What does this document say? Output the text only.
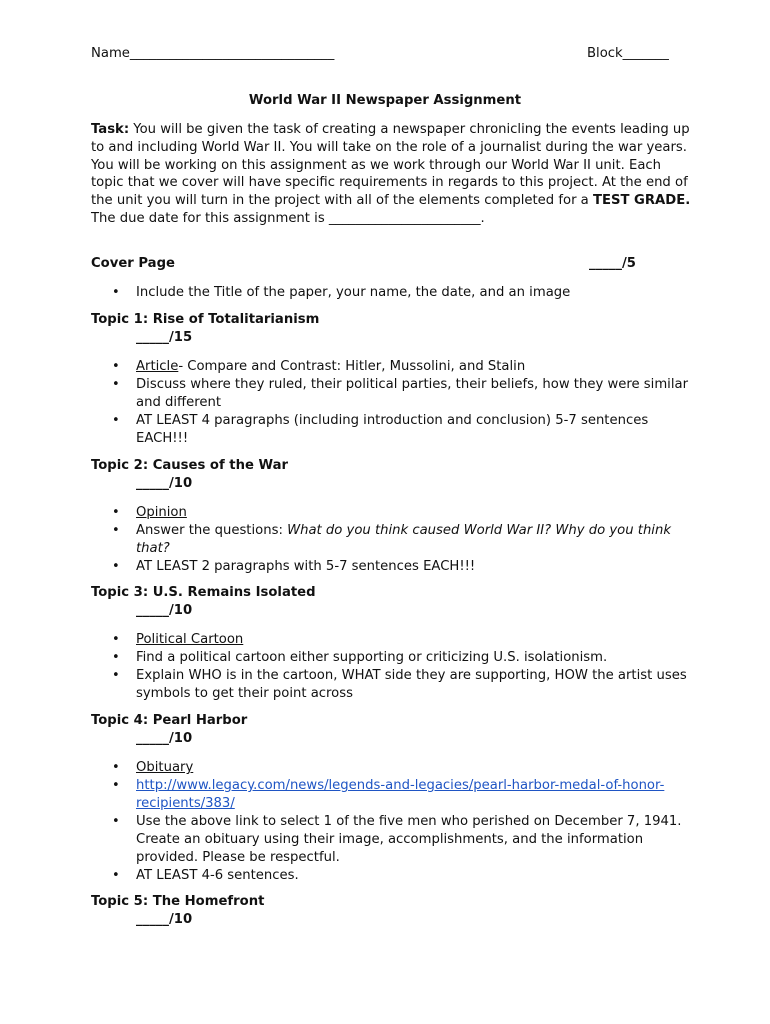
Name_______________________________	Block_______
World War II Newspaper Assignment
Task: You will be given the task of creating a newspaper chronicling the events leading up to and including World War II. You will take on the role of a journalist during the war years. You will be working on this assignment as we work through our World War II unit. Each topic that we cover will have specific requirements in regards to this project. At the end of the unit you will turn in the project with all of the elements completed for a TEST GRADE. The due date for this assignment is _______________________.
Cover Page	_____/5
• Include the Title of the paper, your name, the date, and an image
Topic 1: Rise of Totalitarianism
_____/15
• Article- Compare and Contrast: Hitler, Mussolini, and Stalin
• Discuss where they ruled, their political parties, their beliefs, how they were similar and different
• AT LEAST 4 paragraphs (including introduction and conclusion) 5-7 sentences EACH!!!
Topic 2: Causes of the War
_____/10
• Opinion
• Answer the questions: What do you think caused World War II? Why do you think that?
• AT LEAST 2 paragraphs with 5-7 sentences EACH!!!
Topic 3: U.S. Remains Isolated
_____/10
• Political Cartoon
• Find a political cartoon either supporting or criticizing U.S. isolationism.
• Explain WHO is in the cartoon, WHAT side they are supporting, HOW the artist uses symbols to get their point across
Topic 4: Pearl Harbor
_____/10
• Obituary
• http://www.legacy.com/news/legends-and-legacies/pearl-harbor-medal-of-honor-recipients/383/
• Use the above link to select 1 of the five men who perished on December 7, 1941. Create an obituary using their image, accomplishments, and the information provided. Please be respectful.
• AT LEAST 4-6 sentences.
Topic 5: The Homefront
_____/10
